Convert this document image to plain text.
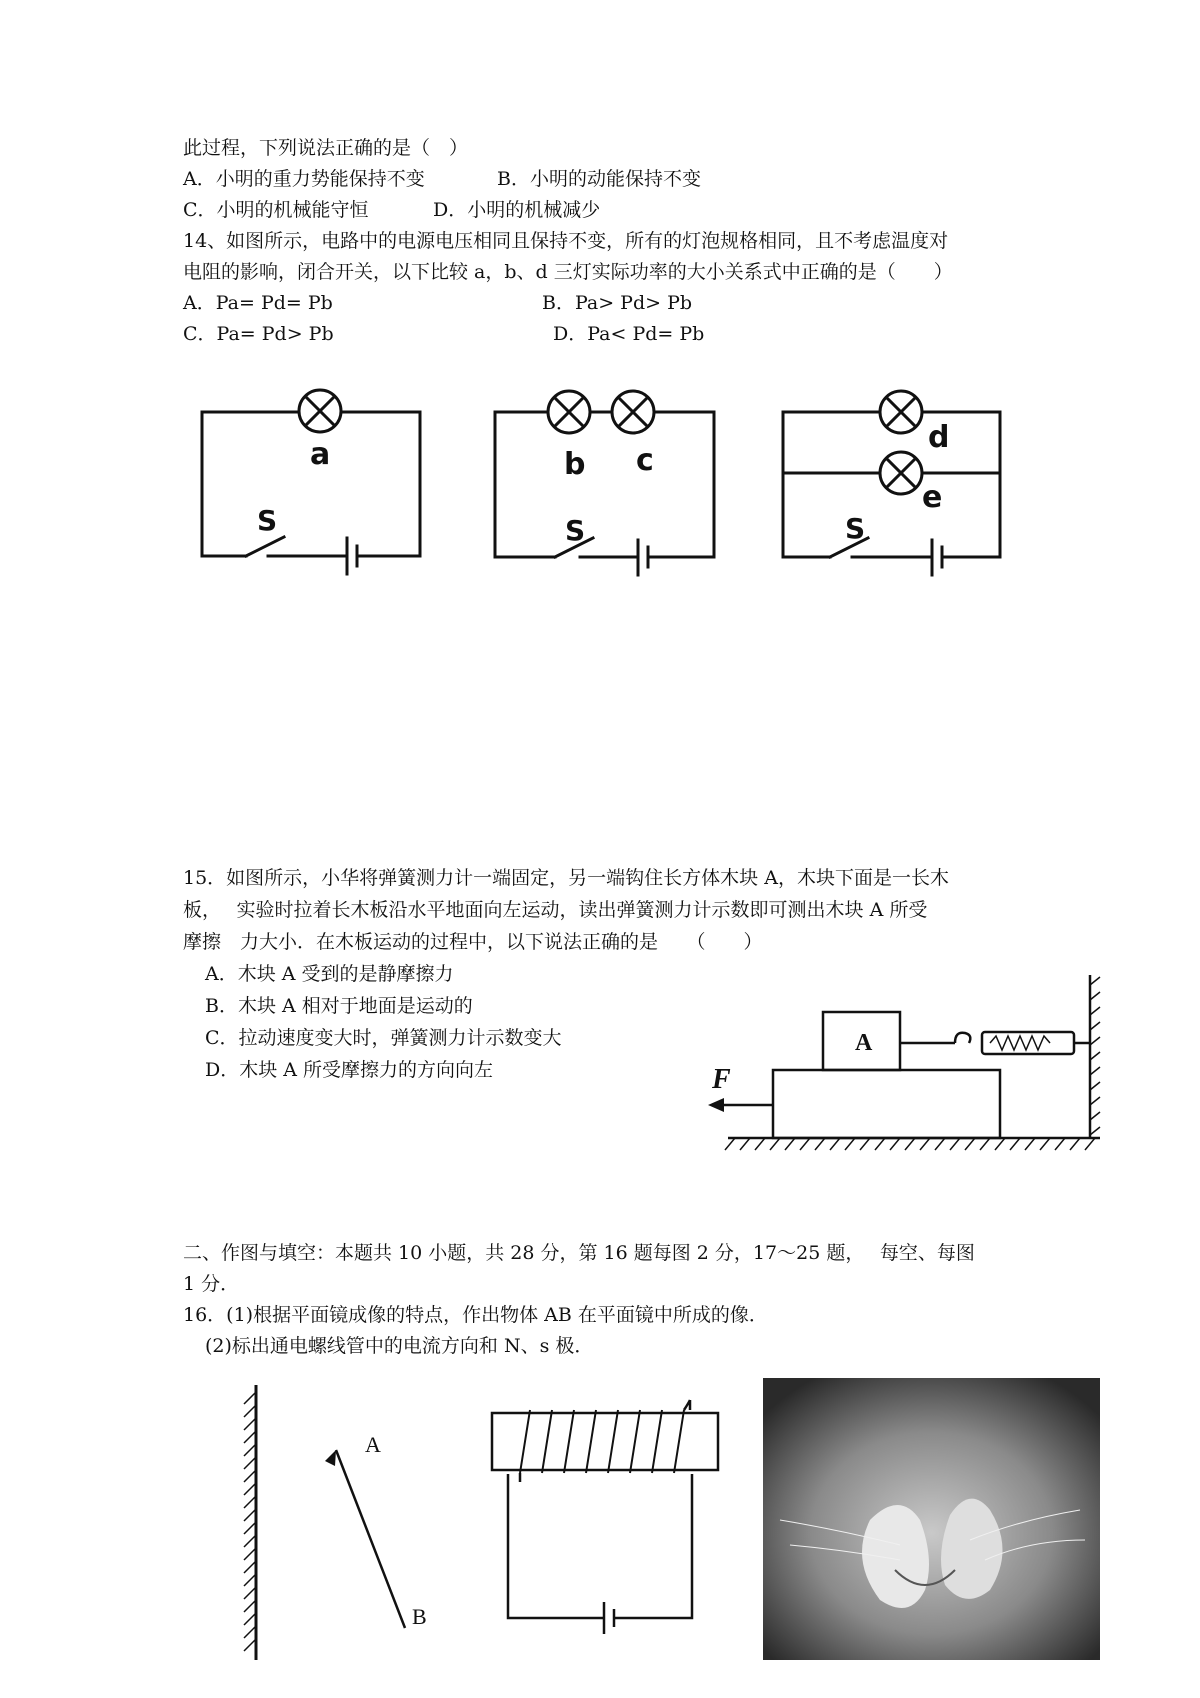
此过程，下列说法正确的是（　）
A．小明的重力势能保持不变	B．小明的动能保持不变
C．小明的机械能守恒	D．小明的机械减少
14、如图所示，电路中的电源电压相同且保持不变，所有的灯泡规格相同，且不考虑温度对
电阻的影响，闭合开关，以下比较 a，b、d 三灯实际功率的大小关系式中正确的是（　　）
A．Pa= Pd= Pb	B．Pa> Pd> Pb
C．Pa= Pd> Pb	D．Pa< Pd= Pb
a	b c
d
e
S	S	S
15．如图所示，小华将弹簧测力计一端固定，另一端钩住长方体木块 A，木块下面是一长木
板，　 实验时拉着长木板沿水平地面向左运动，读出弹簧测力计示数即可测出木块 A 所受
摩擦　力大小．在木板运动的过程中，以下说法正确的是　　（　　）
A．木块 A 受到的是静摩擦力
B．木块 A 相对于地面是运动的
C．拉动速度变大时，弹簧测力计示数变大
D．木块 A 所受摩擦力的方向向左
A
F
二、作图与填空：本题共 10 小题，共 28 分，第 16 题每图 2 分，17～25 题，　 每空、每图
1 分．
16．(1)根据平面镜成像的特点，作出物体 AB 在平面镜中所成的像．
(2)标出通电螺线管中的电流方向和 N、s 极．
A
B
